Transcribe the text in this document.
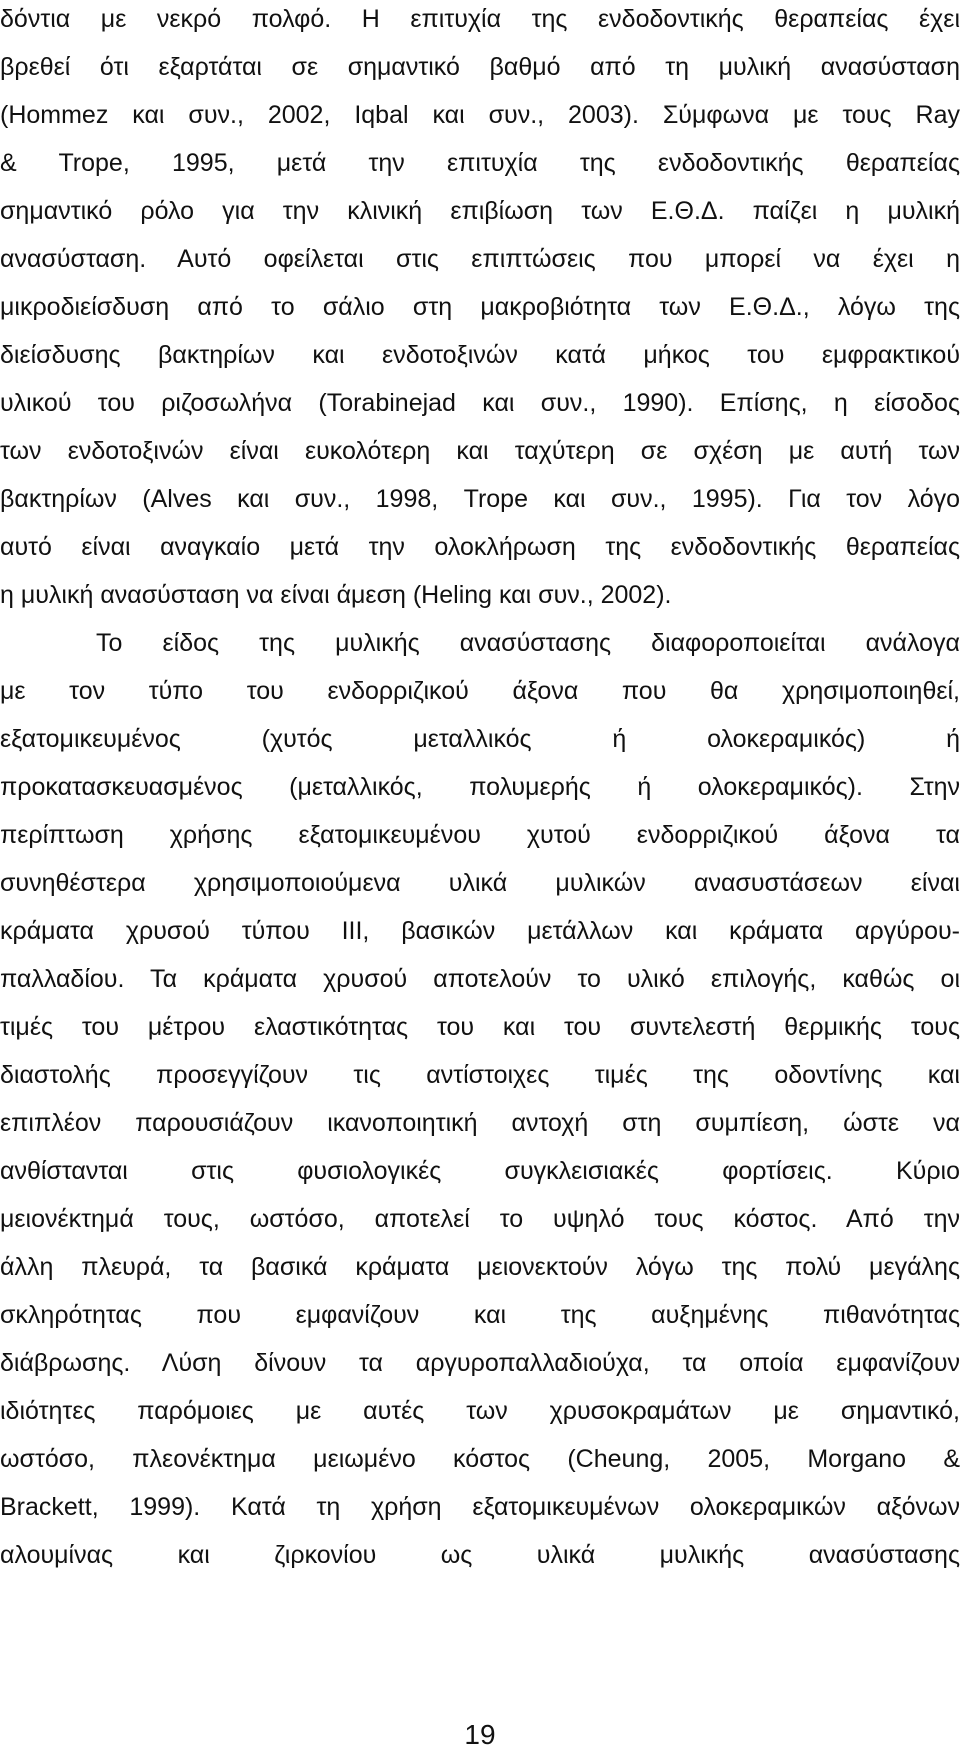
δόντια με νεκρό πολφό. Η επιτυχία της ενδοδοντικής θεραπείας έχει
βρεθεί ότι εξαρτάται σε σημαντικό βαθμό από τη μυλική ανασύσταση
(Hommez και συν., 2002, Iqbal και συν., 2003). Σύμφωνα με τους Ray
& Trope, 1995, μετά την επιτυχία της ενδοδοντικής θεραπείας
σημαντικό ρόλο για την κλινική επιβίωση των Ε.Θ.Δ. παίζει η μυλική
ανασύσταση. Αυτό οφείλεται στις επιπτώσεις που μπορεί να έχει η
μικροδιείσδυση από το σάλιο στη μακροβιότητα των Ε.Θ.Δ., λόγω της
διείσδυσης βακτηρίων και ενδοτοξινών κατά μήκος του εμφρακτικού
υλικού του ριζοσωλήνα (Torabinejad και συν., 1990). Επίσης, η είσοδος
των ενδοτοξινών είναι ευκολότερη και ταχύτερη σε σχέση με αυτή των
βακτηρίων (Alves και συν., 1998, Trope και συν., 1995). Για τον λόγο
αυτό είναι αναγκαίο μετά την ολοκλήρωση της ενδοδοντικής θεραπείας
η μυλική ανασύσταση να είναι άμεση (Heling και συν., 2002).
Το είδος της μυλικής ανασύστασης διαφοροποιείται ανάλογα
με τον τύπο του ενδορριζικού άξονα που θα χρησιμοποιηθεί,
εξατομικευμένος (χυτός μεταλλικός ή ολοκεραμικός) ή
προκατασκευασμένος (μεταλλικός, πολυμερής ή ολοκεραμικός). Στην
περίπτωση χρήσης εξατομικευμένου χυτού ενδορριζικού άξονα τα
συνηθέστερα χρησιμοποιούμενα υλικά μυλικών ανασυστάσεων είναι
κράματα χρυσού τύπου ΙΙΙ, βασικών μετάλλων και κράματα αργύρου-
παλλαδίου. Τα κράματα χρυσού αποτελούν το υλικό επιλογής, καθώς οι
τιμές του μέτρου ελαστικότητας του και του συντελεστή θερμικής τους
διαστολής προσεγγίζουν τις αντίστοιχες τιμές της οδοντίνης και
επιπλέον παρουσιάζουν ικανοποιητική αντοχή στη συμπίεση, ώστε να
ανθίστανται στις φυσιολογικές συγκλεισιακές φορτίσεις. Κύριο
μειονέκτημά τους, ωστόσο, αποτελεί το υψηλό τους κόστος. Από την
άλλη πλευρά, τα βασικά κράματα μειονεκτούν λόγω της πολύ μεγάλης
σκληρότητας που εμφανίζουν και της αυξημένης πιθανότητας
διάβρωσης. Λύση δίνουν τα αργυροπαλλαδιούχα, τα οποία εμφανίζουν
ιδιότητες παρόμοιες με αυτές των χρυσοκραμάτων με σημαντικό,
ωστόσο, πλεονέκτημα μειωμένο κόστος (Cheung, 2005, Morgano &
Brackett, 1999). Κατά τη χρήση εξατομικευμένων ολοκεραμικών αξόνων
αλουμίνας και ζιρκονίου ως υλικά μυλικής ανασύστασης
19
